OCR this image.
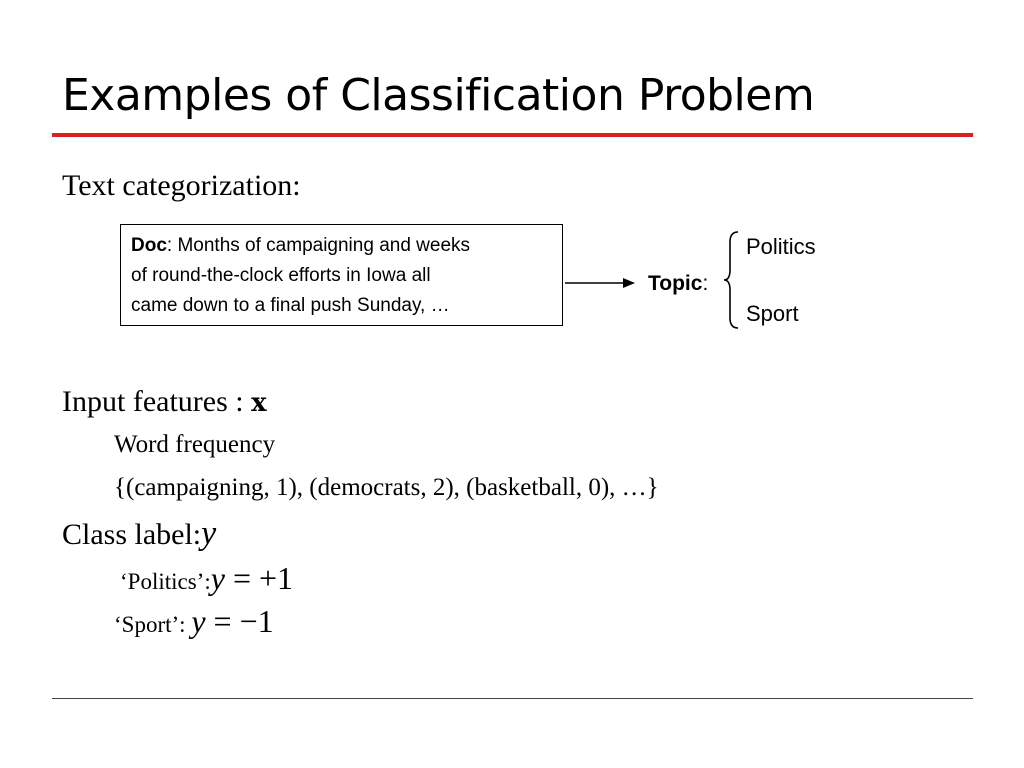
Examples of Classification Problem
Text categorization:
Doc: Months of campaigning and weeks
of round-the-clock efforts in Iowa all
came down to a final push Sunday, …
Topic:
Politics
Sport
Input features : x
Word frequency
{(campaigning, 1), (democrats, 2), (basketball, 0), …}
Class label:y
‘Politics’:y = +1
‘Sport’: y = −1
